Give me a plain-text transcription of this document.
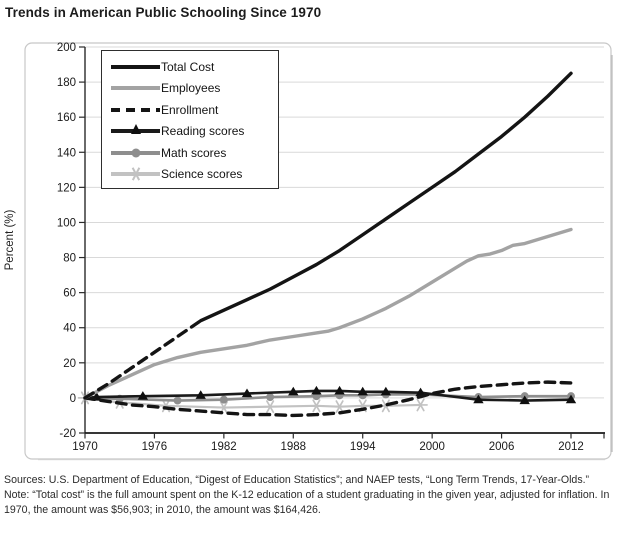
Trends in American Public Schooling Since 1970
Percent (%)
200
180
160
140
120
100
80
60
40
20
0
-20
1970	1976	1982	1988	1994	2000	2006	2012
Total Cost
Employees
Enrollment
Reading scores
Math scores
Science scores

Sources: U.S. Department of Education, “Digest of Education Statistics”; and NAEP tests, “Long Term Trends, 17-Year-Olds.”

Note: “Total cost” is the full amount spent on the K-12 education of a student graduating in the given year, adjusted for inflation. In 1970, the amount was $56,903; in 2010, the amount was $164,426.
